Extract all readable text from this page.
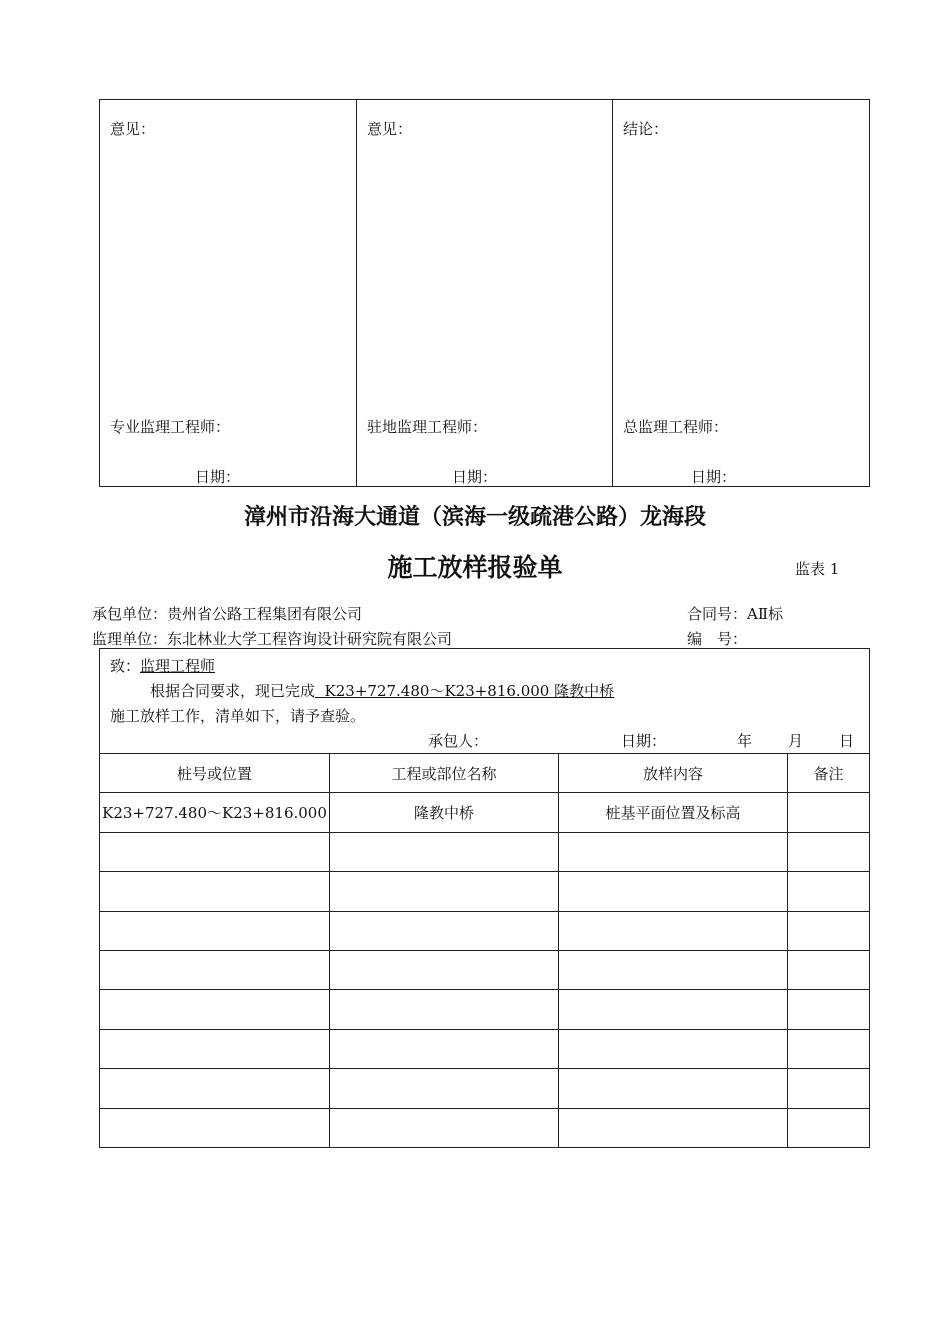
意见：
专业监理工程师：
日期：
意见：
驻地监理工程师：
日期：
结论：
总监理工程师：
日期：
漳州市沿海大通道（滨海一级疏港公路）龙海段
施工放样报验单	监表 1
承包单位：贵州省公路工程集团有限公司	合同号：AⅡ标
监理单位：东北林业大学工程咨询设计研究院有限公司	编　号：
致：监理工程师
根据合同要求，现已完成  K23+727.480～K23+816.000 隆教中桥
施工放样工作，清单如下，请予查验。
承包人：	日期：	年 月 日
桩号或位置	工程或部位名称	放样内容	备注
K23+727.480～K23+816.000	隆教中桥	桩基平面位置及标高
